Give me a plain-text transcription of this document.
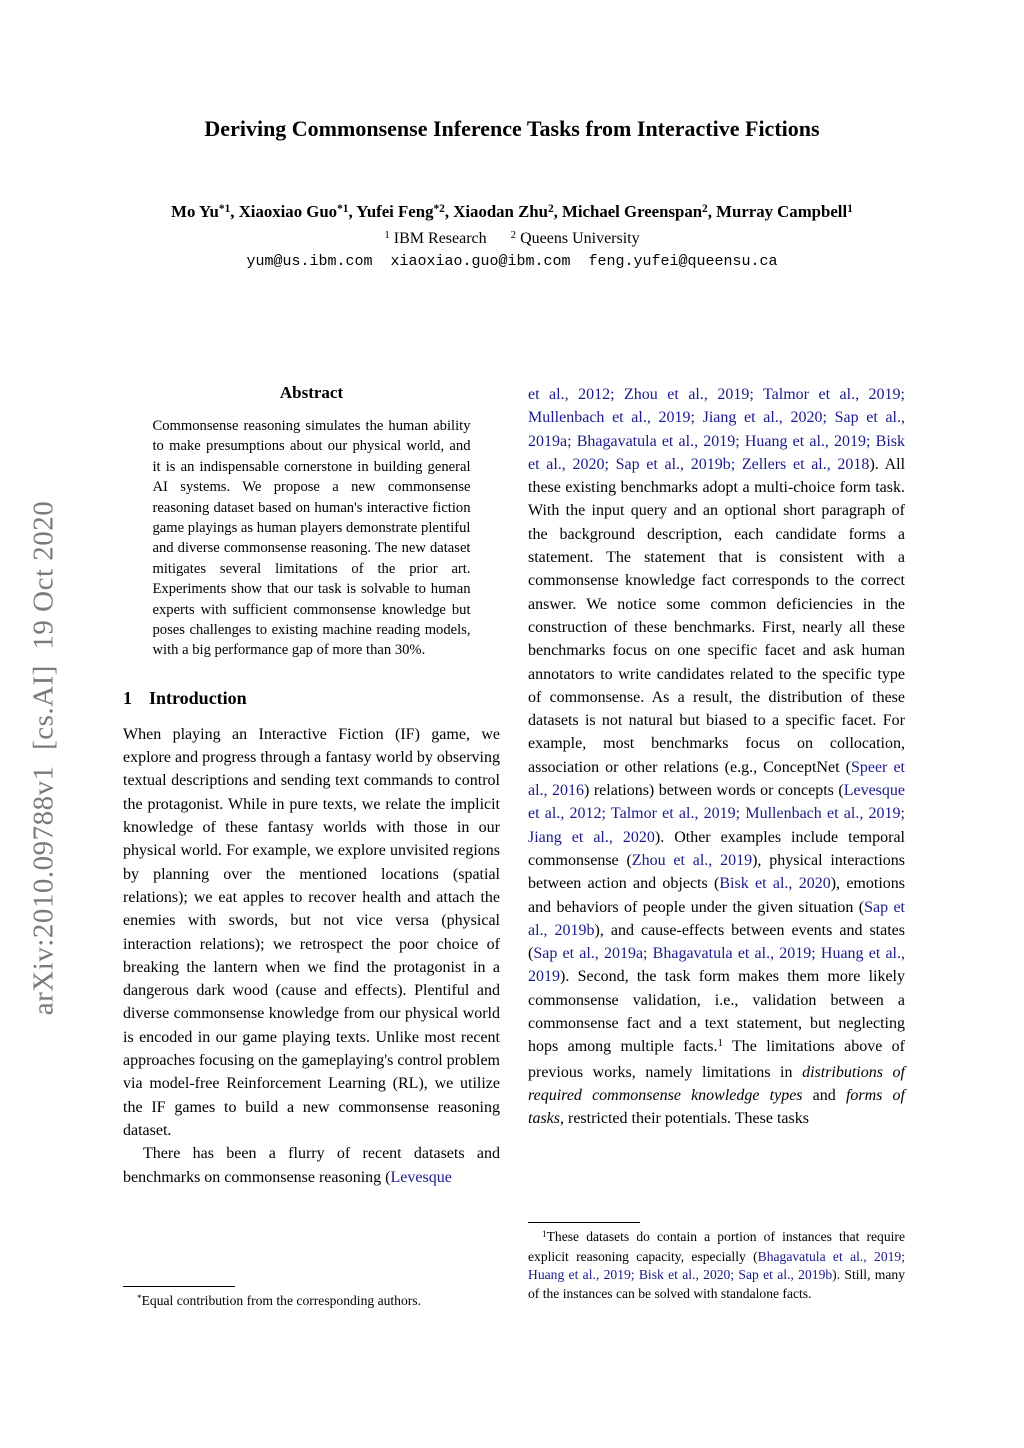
arXiv:2010.09788v1  [cs.AI]  19 Oct 2020
Deriving Commonsense Inference Tasks from Interactive Fictions
Mo Yu$^{*1}$, Xiaoxiao Guo$^{*1}$, Yufei Feng$^{*2}$, Xiaodan Zhu$^2$, Michael Greenspan$^2$, Murray Campbell$^1$
$^1$ IBM Research      $^2$ Queens University
yum@us.ibm.com  xiaoxiao.guo@ibm.com  feng.yufei@queensu.ca
Abstract

Commonsense reasoning simulates the human ability to make presumptions about our physical world, and it is an indispensable cornerstone in building general AI systems. We propose a new commonsense reasoning dataset based on human's interactive fiction game playings as human players demonstrate plentiful and diverse commonsense reasoning. The new dataset mitigates several limitations of the prior art. Experiments show that our task is solvable to human experts with sufficient commonsense knowledge but poses challenges to existing machine reading models, with a big performance gap of more than 30%.

1 Introduction

When playing an Interactive Fiction (IF) game, we explore and progress through a fantasy world by observing textual descriptions and sending text commands to control the protagonist. While in pure texts, we relate the implicit knowledge of these fantasy worlds with those in our physical world. For example, we explore unvisited regions by planning over the mentioned locations (spatial relations); we eat apples to recover health and attach the enemies with swords, but not vice versa (physical interaction relations); we retrospect the poor choice of breaking the lantern when we find the protagonist in a dangerous dark wood (cause and effects). Plentiful and diverse commonsense knowledge from our physical world is encoded in our game playing texts. Unlike most recent approaches focusing on the gameplaying's control problem via model-free Reinforcement Learning (RL), we utilize the IF games to build a new commonsense reasoning dataset.

There has been a flurry of recent datasets and benchmarks on commonsense reasoning (Levesque

et al., 2012; Zhou et al., 2019; Talmor et al., 2019; Mullenbach et al., 2019; Jiang et al., 2020; Sap et al., 2019a; Bhagavatula et al., 2019; Huang et al., 2019; Bisk et al., 2020; Sap et al., 2019b; Zellers et al., 2018). All these existing benchmarks adopt a multi-choice form task. With the input query and an optional short paragraph of the background description, each candidate forms a statement. The statement that is consistent with a commonsense knowledge fact corresponds to the correct answer. We notice some common deficiencies in the construction of these benchmarks. First, nearly all these benchmarks focus on one specific facet and ask human annotators to write candidates related to the specific type of commonsense. As a result, the distribution of these datasets is not natural but biased to a specific facet. For example, most benchmarks focus on collocation, association or other relations (e.g., ConceptNet (Speer et al., 2016) relations) between words or concepts (Levesque et al., 2012; Talmor et al., 2019; Mullenbach et al., 2019; Jiang et al., 2020). Other examples include temporal commonsense (Zhou et al., 2019), physical interactions between action and objects (Bisk et al., 2020), emotions and behaviors of people under the given situation (Sap et al., 2019b), and cause-effects between events and states (Sap et al., 2019a; Bhagavatula et al., 2019; Huang et al., 2019). Second, the task form makes them more likely commonsense validation, i.e., validation between a commonsense fact and a text statement, but neglecting hops among multiple facts.$^1$ The limitations above of previous works, namely limitations in distributions of required commonsense knowledge types and forms of tasks, restricted their potentials. These tasks

*Equal contribution from the corresponding authors.

$^1$These datasets do contain a portion of instances that require explicit reasoning capacity, especially (Bhagavatula et al., 2019; Huang et al., 2019; Bisk et al., 2020; Sap et al., 2019b). Still, many of the instances can be solved with standalone facts.
